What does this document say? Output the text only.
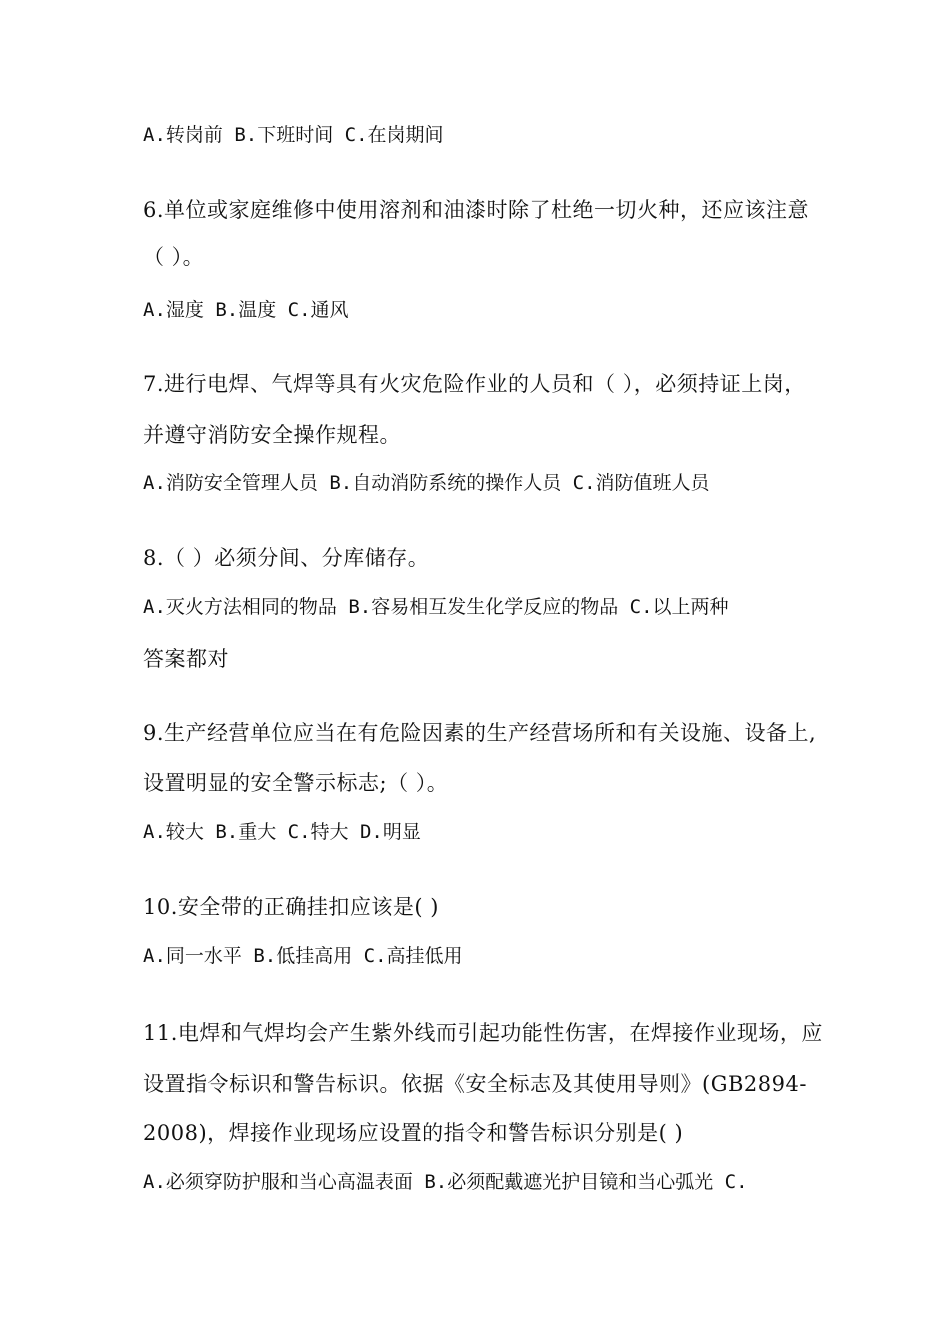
A.转岗前 B.下班时间 C.在岗期间
6.单位或家庭维修中使用溶剂和油漆时除了杜绝一切火种，还应该注意
（ ）。
A.湿度 B.温度 C.通风
7.进行电焊、气焊等具有火灾危险作业的人员和（ ），必须持证上岗，
并遵守消防安全操作规程。
A.消防安全管理人员 B.自动消防系统的操作人员 C.消防值班人员
8.（ ）必须分间、分库储存。
A.灭火方法相同的物品 B.容易相互发生化学反应的物品 C.以上两种
答案都对
9.生产经营单位应当在有危险因素的生产经营场所和有关设施、设备上,
设置明显的安全警示标志;（ ）。
A.较大 B.重大 C.特大 D.明显
10.安全带的正确挂扣应该是( )
A.同一水平 B.低挂高用 C.高挂低用
11.电焊和气焊均会产生紫外线而引起功能性伤害，在焊接作业现场，应
设置指令标识和警告标识。依据《安全标志及其使用导则》(GB2894-
2008)，焊接作业现场应设置的指令和警告标识分别是( )
A.必须穿防护服和当心高温表面 B.必须配戴遮光护目镜和当心弧光 C.
